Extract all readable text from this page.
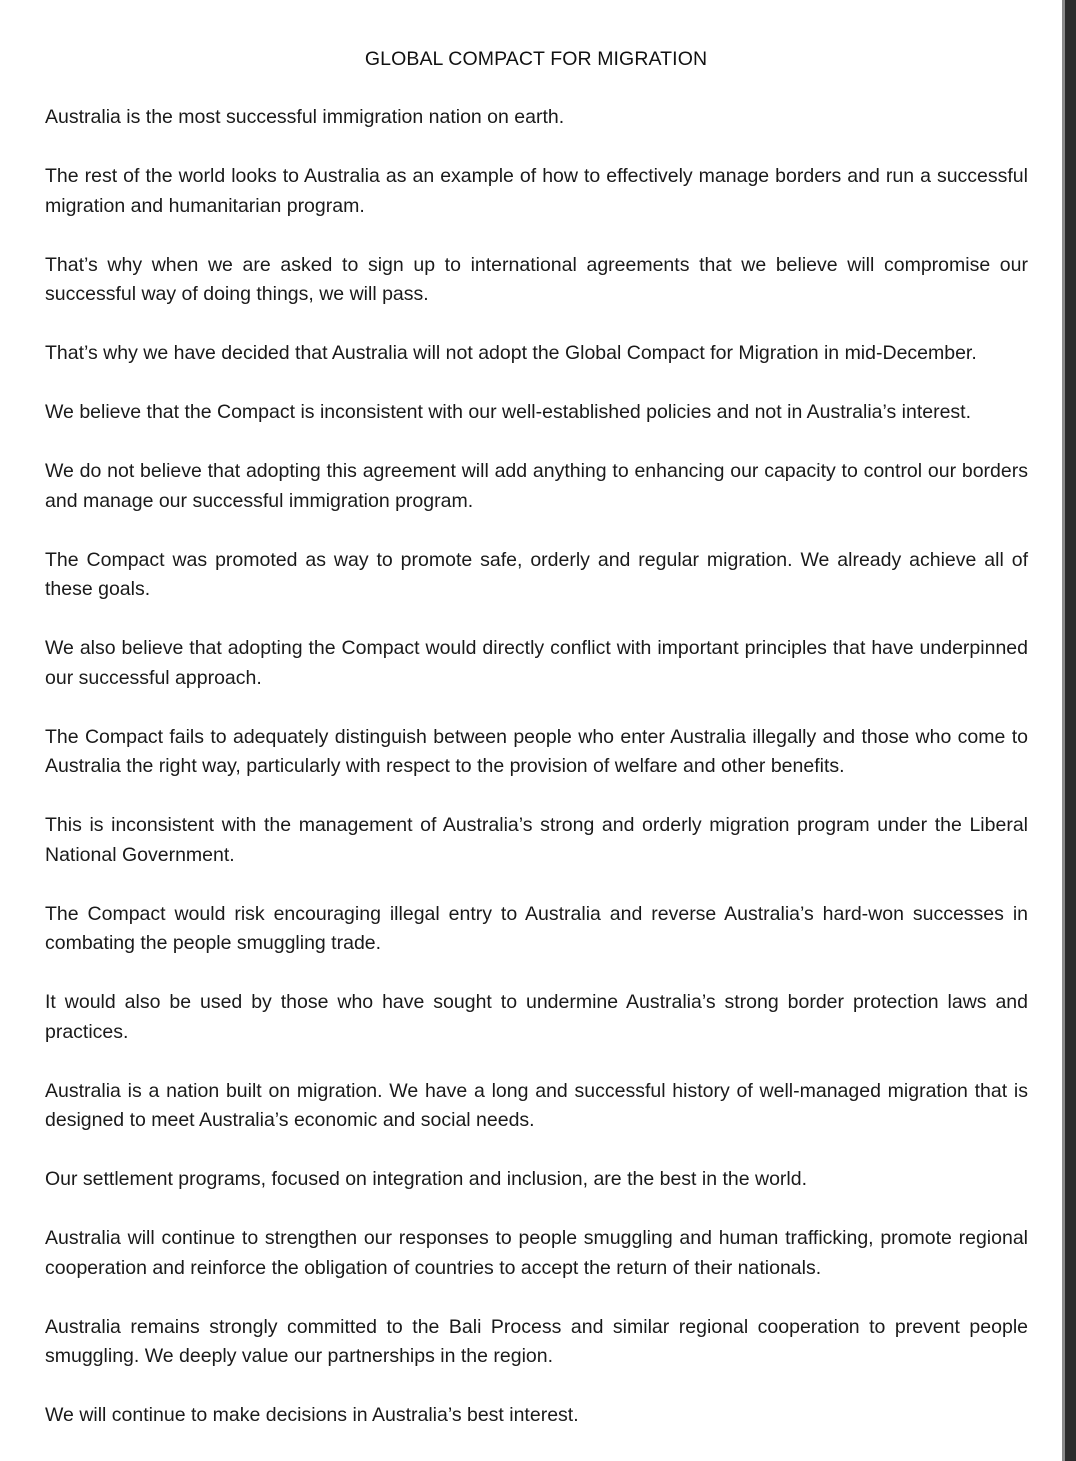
GLOBAL COMPACT FOR MIGRATION

Australia is the most successful immigration nation on earth.

The rest of the world looks to Australia as an example of how to effectively manage borders and run a successful migration and humanitarian program.

That’s why when we are asked to sign up to international agreements that we believe will compromise our successful way of doing things, we will pass.

That’s why we have decided that Australia will not adopt the Global Compact for Migration in mid-December.

We believe that the Compact is inconsistent with our well-established policies and not in Australia’s interest.

We do not believe that adopting this agreement will add anything to enhancing our capacity to control our borders and manage our successful immigration program.

The Compact was promoted as way to promote safe, orderly and regular migration. We already achieve all of these goals.

We also believe that adopting the Compact would directly conflict with important principles that have underpinned our successful approach.

The Compact fails to adequately distinguish between people who enter Australia illegally and those who come to Australia the right way, particularly with respect to the provision of welfare and other benefits.

This is inconsistent with the management of Australia’s strong and orderly migration program under the Liberal National Government.

The Compact would risk encouraging illegal entry to Australia and reverse Australia’s hard-won successes in combating the people smuggling trade.

It would also be used by those who have sought to undermine Australia’s strong border protection laws and practices.

Australia is a nation built on migration. We have a long and successful history of well-managed migration that is designed to meet Australia’s economic and social needs.

Our settlement programs, focused on integration and inclusion, are the best in the world.

Australia will continue to strengthen our responses to people smuggling and human trafficking, promote regional cooperation and reinforce the obligation of countries to accept the return of their nationals.

Australia remains strongly committed to the Bali Process and similar regional cooperation to prevent people smuggling. We deeply value our partnerships in the region.

We will continue to make decisions in Australia’s best interest.
